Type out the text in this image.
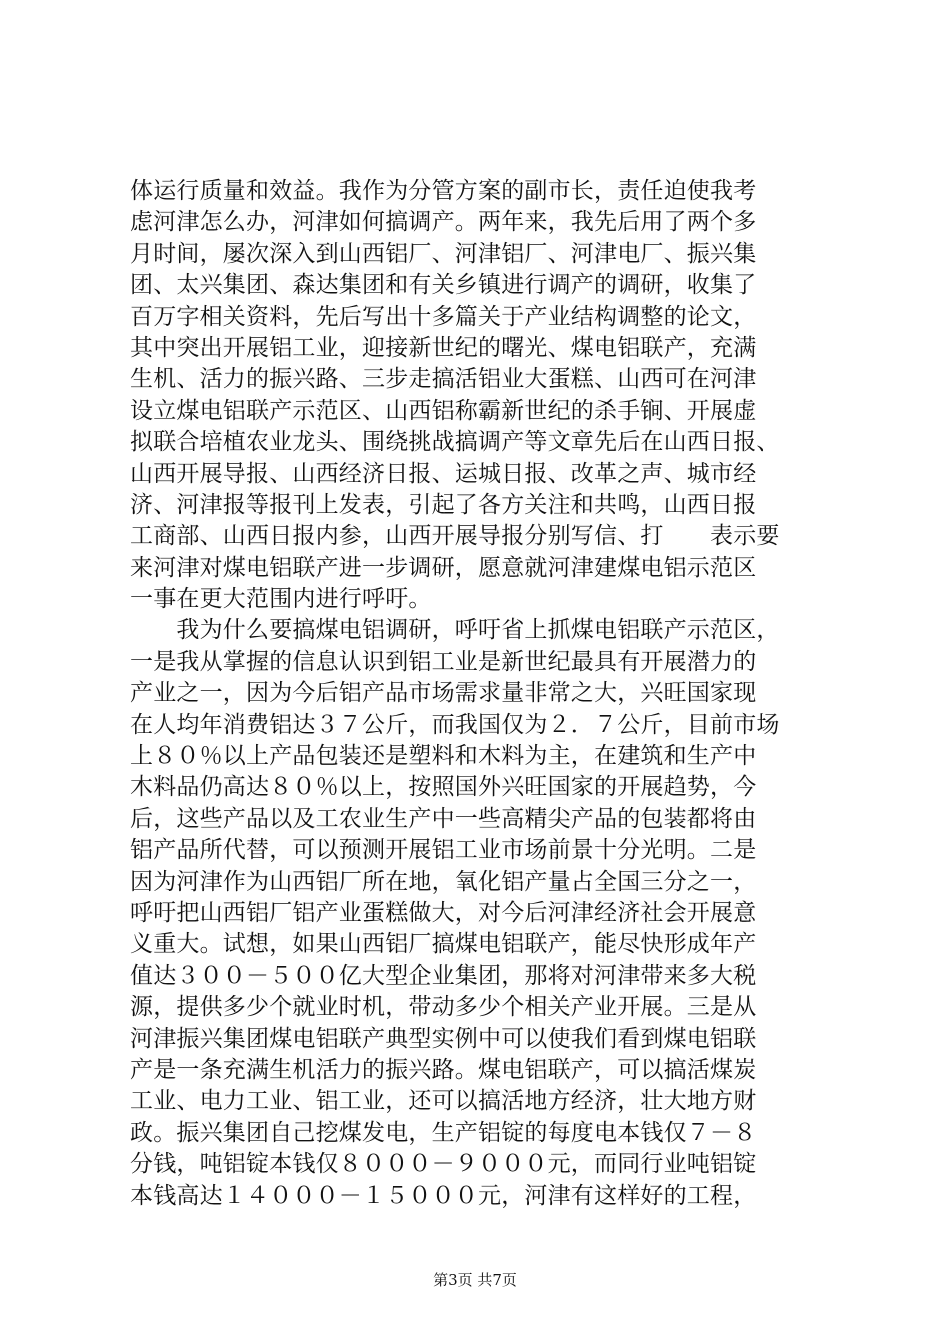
体运行质量和效益。我作为分管方案的副市长，责任迫使我考
虑河津怎么办，河津如何搞调产。两年来，我先后用了两个多
月时间，屡次深入到山西铝厂、河津铝厂、河津电厂、振兴集
团、太兴集团、森达集团和有关乡镇进行调产的调研，收集了
百万字相关资料，先后写出十多篇关于产业结构调整的论文，
其中突出开展铝工业，迎接新世纪的曙光、煤电铝联产，充满
生机、活力的振兴路、三步走搞活铝业大蛋糕、山西可在河津
设立煤电铝联产示范区、山西铝称霸新世纪的杀手锏、开展虚
拟联合培植农业龙头、围绕挑战搞调产等文章先后在山西日报、
山西开展导报、山西经济日报、运城日报、改革之声、城市经
济、河津报等报刊上发表，引起了各方关注和共鸣，山西日报
工商部、山西日报内参，山西开展导报分别写信、打　　表示要
来河津对煤电铝联产进一步调研，愿意就河津建煤电铝示范区
一事在更大范围内进行呼吁。
　　我为什么要搞煤电铝调研，呼吁省上抓煤电铝联产示范区，
一是我从掌握的信息认识到铝工业是新世纪最具有开展潜力的
产业之一，因为今后铝产品市场需求量非常之大，兴旺国家现
在人均年消费铝达３７公斤，而我国仅为２．７公斤，目前市场
上８０％以上产品包装还是塑料和木料为主，在建筑和生产中
木料品仍高达８０％以上，按照国外兴旺国家的开展趋势，今
后，这些产品以及工农业生产中一些高精尖产品的包装都将由
铝产品所代替，可以预测开展铝工业市场前景十分光明。二是
因为河津作为山西铝厂所在地，氧化铝产量占全国三分之一，
呼吁把山西铝厂铝产业蛋糕做大，对今后河津经济社会开展意
义重大。试想，如果山西铝厂搞煤电铝联产，能尽快形成年产
值达３００－５００亿大型企业集团，那将对河津带来多大税
源，提供多少个就业时机，带动多少个相关产业开展。三是从
河津振兴集团煤电铝联产典型实例中可以使我们看到煤电铝联
产是一条充满生机活力的振兴路。煤电铝联产，可以搞活煤炭
工业、电力工业、铝工业，还可以搞活地方经济，壮大地方财
政。振兴集团自己挖煤发电，生产铝锭的每度电本钱仅７－８
分钱，吨铝锭本钱仅８０００－９０００元，而同行业吨铝锭
本钱高达１４０００－１５０００元，河津有这样好的工程，
第3页 共7页
